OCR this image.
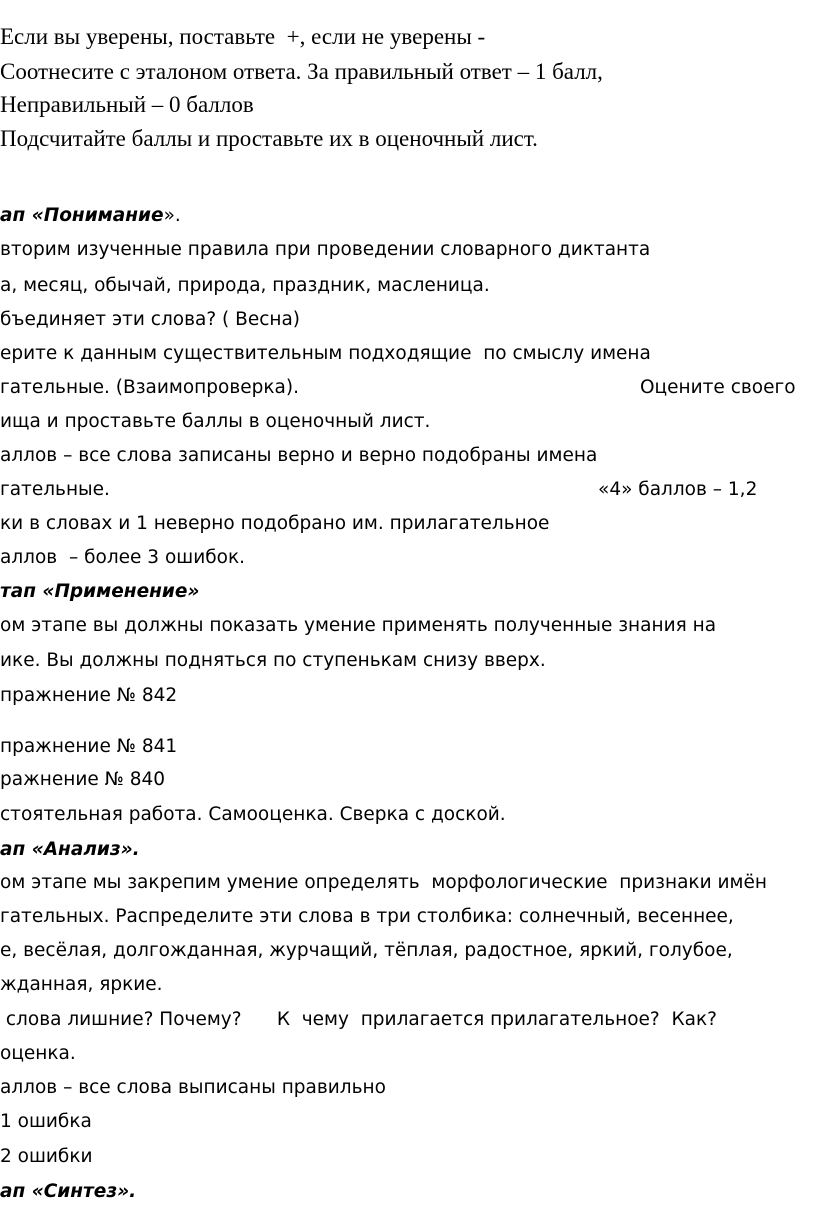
Если вы уверены, поставьте  +, если не уверены -
Соотнесите с эталоном ответа. За правильный ответ – 1 балл,
Неправильный – 0 баллов
Подсчитайте баллы и проставьте их в оценочный лист.
ап «Понимание».
вторим изученные правила при проведении словарного диктанта
а, месяц, обычай, природа, праздник, масленица.
бъединяет эти слова? ( Весна)
ерите к данным существительным подходящие  по смыслу имена
гательные. (Взаимопроверка).	Оцените своего
ища и проставьте баллы в оценочный лист.
аллов – все слова записаны верно и верно подобраны имена
гательные.	«4» баллов – 1,2
ки в словах и 1 неверно подобрано им. прилагательное
аллов  – более 3 ошибок.
тап «Применение»
ом этапе вы должны показать умение применять полученные знания на
ике. Вы должны подняться по ступенькам снизу вверх.
пражнение № 842
пражнение № 841
ражнение № 840
стоятельная работа. Самооценка. Сверка с доской.
ап «Анализ».
ом этапе мы закрепим умение определять  морфологические  признаки имён
гательных. Распределите эти слова в три столбика: солнечный, весеннее,
е, весёлая, долгожданная, журчащий, тёплая, радостное, яркий, голубое,
жданная, яркие.
слова лишние? Почему?      К  чему  прилагается прилагательное?  Как?
оценка.
аллов – все слова выписаны правильно
1 ошибка
2 ошибки
ап «Синтез».
